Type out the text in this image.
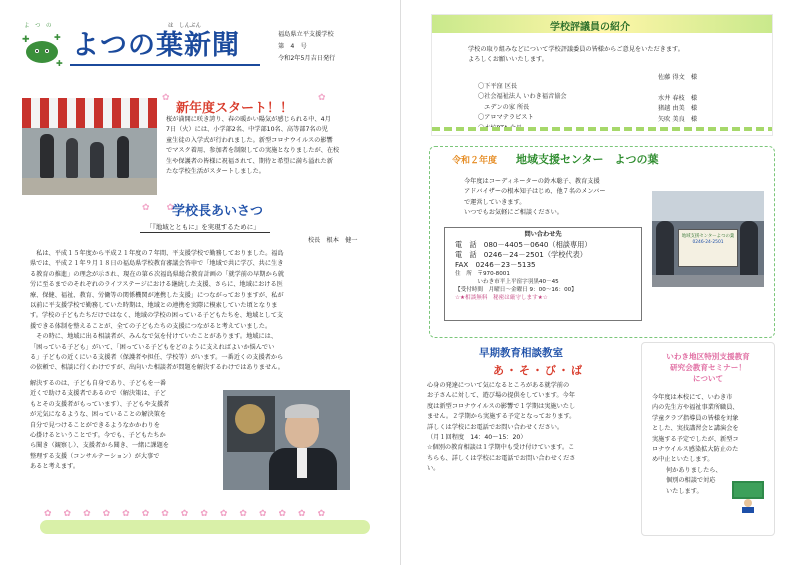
✚	✚
✚
よ　つ　の	は　しんぶん
よつの葉新聞	福島県立平支援学校
第　4　号
令和2年5月吉日発行
新年度スタート！！
✿	✿
桜が満開に咲き誇り、春の暖かい陽気が感じられる中、4月
7日（火）には、小学部2名、中学部10名、高等部7名の児
童生徒の入学式が行われました。新型コロナウイルスの影響
でマスク着用、参加者を制限しての実施となりましたが、在校
生や保護者の皆様に祝福されて、期待と希望に満ち溢れた新
たな学校生活がスタートしました。
✿　✿
学校長あいさつ
「『地域とともに』を実現するために」
校長　根本　健一
　私は、平成１５年度から平成２１年度の７年間、平支援学校で勤務しておりました。福島
県では、平成２１年９月１８日の福島県学校教育審議会答申で「地域で共に学び、共に生き
る教育の推進」の理念が示され、現在の第６次福島県総合教育計画の「就学前の早期から就
労に至るまでのそれぞれのライフステージにおける継続した支援、さらに、地域における医
療、保健、福祉、教育、労働等の関係機関が連携した支援」につながっておりますが、私が
以前に平支援学校で勤務していた時期は、地域との連携を実際に模索していた頃となりま
す。学校の子どもたちだけではなく、地域の学校の困っている子どもたちを、地域として支
援できる体制を整えることが、全ての子どもたちの支援につながると考えていました。
　その時に、地域に出る相談者が、みんなで気を付けていたことがあります。地域には、
「困っている子ども」がいて、「困っている子どもをどのように支えればよいか悩んでい
る」子どもの近くにいる支援者（保護者や担任、学校等）がいます。一番近くの支援者から
の依頼で、相談に行くわけですが、出向いた相談者が問題を解決するわけではありません。
解決するのは、子ども自身であり、子どもを一番
近くで助ける支援者であるので（解決策は、子ど
もとその支援者がもっています）、子どもや支援者
が元気になるような、困っていることの解決策を
自分で見つけることができるようなかかわりを
心掛けるということです。今でも、子どもたちか
ら聞き（観察し）、支援者から聞き、一緒に課題を
整理する支援（コンサルテーション）が大事で
あると考えます。
✿✿✿✿✿✿✿✿✿✿✿✿✿✿✿
学校評議員の紹介
学校の取り組みなどについて学校評議委員の皆様からご意見をいただきます。
よろしくお願いいたします。
〇下平窪 区長
佐藤 得文　様
〇社会福祉法人 いわき福音協会
　エデンの家 所長
水井 春枝　様
〇アロマテラピスト
猪越 由美　様
矢吹 美良　様
令和２年度 地域支援センター　よつの葉
今年度はコーディネーターの鈴木聡子、教育支援
アドバイザーの根本知子はじめ、他７名のメンバー
で運営していきます。
いつでもお気軽にご相談ください。
問い合わせ先
電　話　080－4405－0640（相談専用）
電　話　0246－24－2501（学校代表）
FAX　0246－23－5135
住　所　〒970-8001
　　　　いわき市平上平窪字羽黒40－45
【受付時間　月曜日～金曜日 9：00～16：00】
☆★相談無料　秘密は厳守します★☆
地域支援センターよつの葉
0246-24-2501
早期教育相談教室
あ・そ・び・ば
心身の発達について気になるところがある就学前の
お子さんに対して、遊び場の提供をしています。今年
度は新型コロナウイルスの影響で１学期は実施いたし
ません。２学期から実施する予定となっております。
詳しくは学校にお電話でお問い合わせください。
（月１回程度　14：40～15：20）
☆個別の教育相談は１学期中も受け付けています。こ
ちらも、詳しくは学校にお電話でお問い合わせくださ
い。
いわき地区特別支援教育
研究会教育セミナー！
について
今年度は本校にて、いわき市
内の先生方や福祉事業所職員、
学童クラブ指導員の皆様を対象
とした、実技講習会と講演会を
実施する予定でしたが、新型コ
ロナウイルス感染拡大防止のた
め中止といたします。
何かありましたら、
個別の相談で対応
いたします。
